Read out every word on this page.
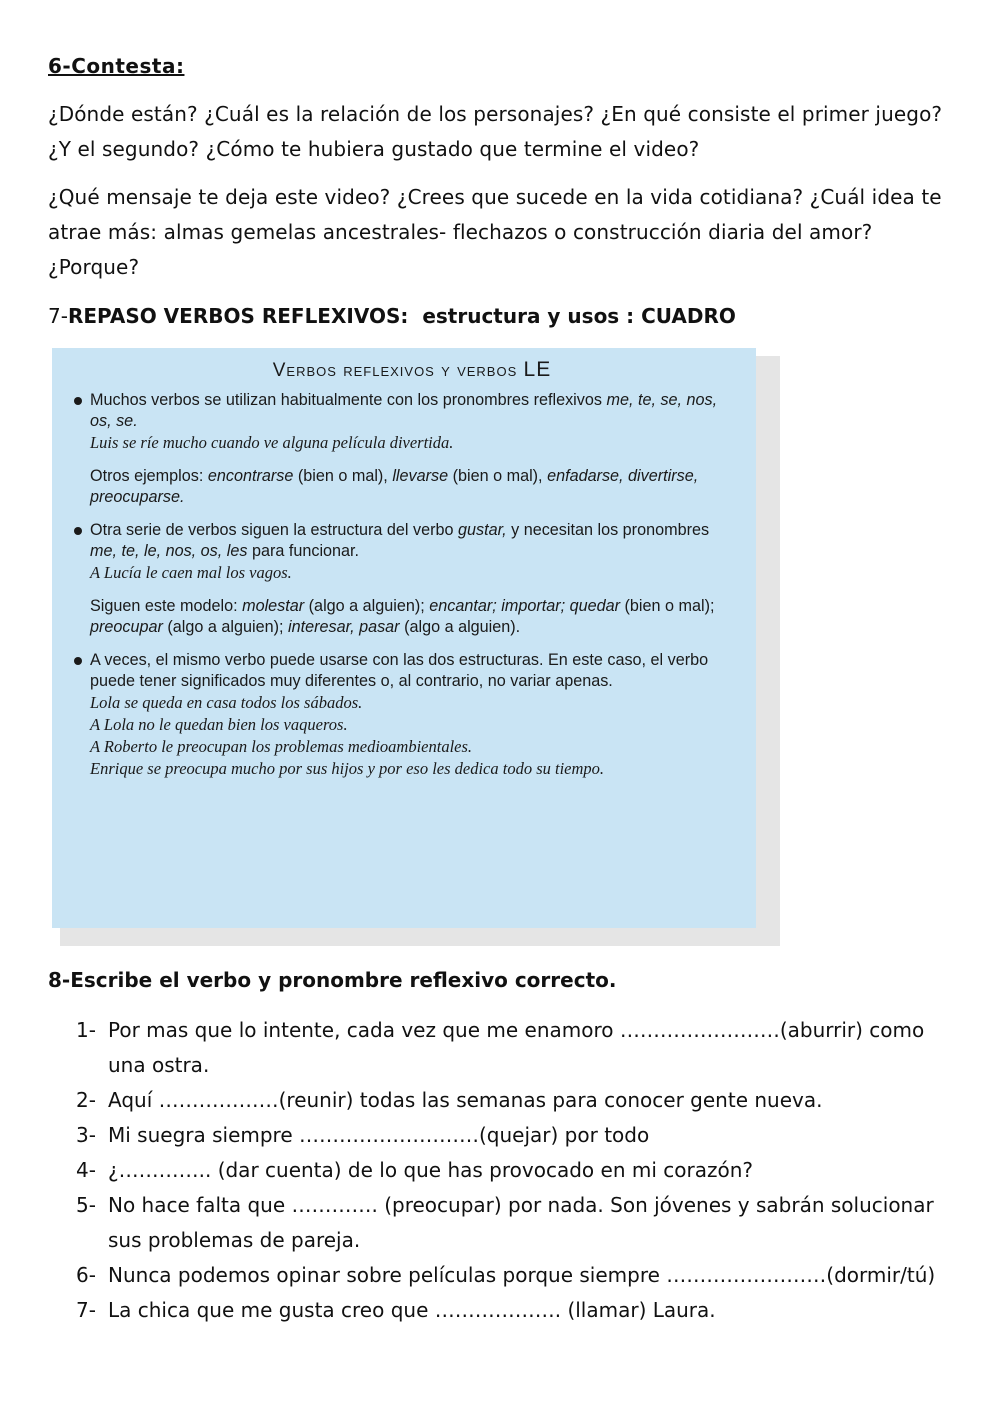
6-Contesta:

¿Dónde están? ¿Cuál es la relación de los personajes? ¿En qué consiste el primer juego? ¿Y el segundo? ¿Cómo te hubiera gustado que termine el video?

¿Qué mensaje te deja este video? ¿Crees que sucede en la vida cotidiana? ¿Cuál idea te atrae más: almas gemelas ancestrales- flechazos o construcción diaria del amor? ¿Porque?

7-REPASO VERBOS REFLEXIVOS: estructura y usos : CUADRO
Verbos reflexivos y verbos LE
Muchos verbos se utilizan habitualmente con los pronombres reflexivos me, te, se, nos, os, se.

Luis se ríe mucho cuando ve alguna película divertida.

Otros ejemplos: encontrarse (bien o mal), llevarse (bien o mal), enfadarse, divertirse, preocuparse.
Otra serie de verbos siguen la estructura del verbo gustar, y necesitan los pronombres me, te, le, nos, os, les para funcionar.

A Lucía le caen mal los vagos.

Siguen este modelo: molestar (algo a alguien); encantar; importar; quedar (bien o mal); preocupar (algo a alguien); interesar, pasar (algo a alguien).
A veces, el mismo verbo puede usarse con las dos estructuras. En este caso, el verbo puede tener significados muy diferentes o, al contrario, no variar apenas.

Lola se queda en casa todos los sábados.

A Lola no le quedan bien los vaqueros.

A Roberto le preocupan los problemas medioambientales.

Enrique se preocupa mucho por sus hijos y por eso les dedica todo su tiempo.

8-Escribe el verbo y pronombre reflexivo correcto.
1- Por mas que lo intente, cada vez que me enamoro ……………………(aburrir) como una ostra.
2- Aquí ………………(reunir) todas las semanas para conocer gente nueva.
3- Mi suegra siempre ………………………(quejar) por todo
4- ¿………….. (dar cuenta) de lo que has provocado en mi corazón?
5- No hace falta que …………. (preocupar) por nada. Son jóvenes y sabrán solucionar sus problemas de pareja.
6- Nunca podemos opinar sobre películas porque siempre ……………………(dormir/tú)
7- La chica que me gusta creo que ………………. (llamar) Laura.
